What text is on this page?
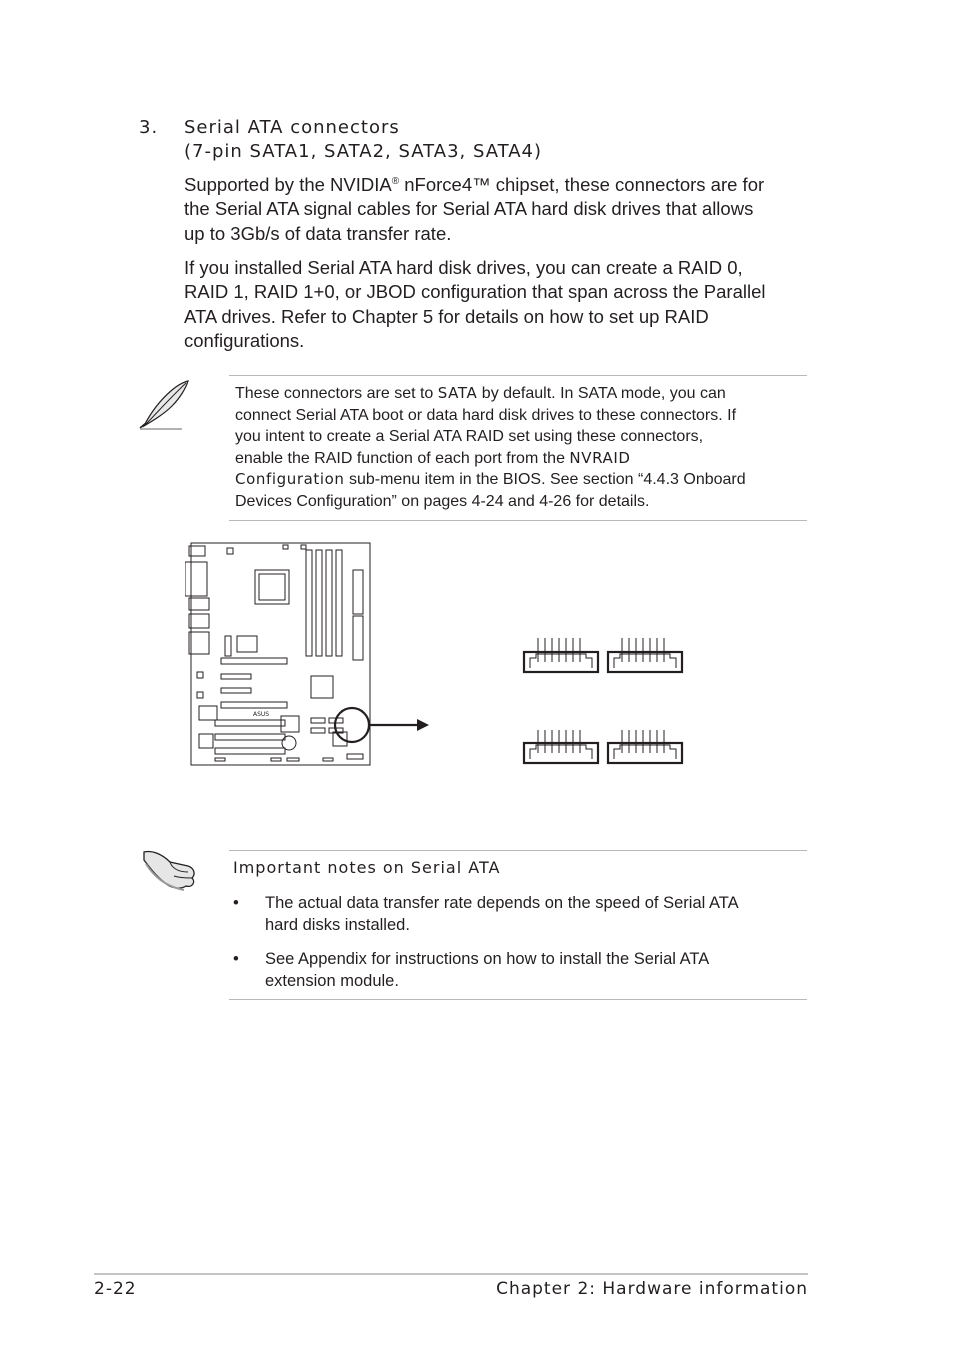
3. Serial ATA connectors
(7-pin SATA1, SATA2, SATA3, SATA4)
Supported by the NVIDIA® nForce4™ chipset, these connectors are for
the Serial ATA signal cables for Serial ATA hard disk drives that allows
up to 3Gb/s of data transfer rate.
If you installed Serial ATA hard disk drives, you can create a RAID 0,
RAID 1, RAID 1+0, or JBOD configuration that span across the Parallel
ATA drives. Refer to Chapter 5 for details on how to set up RAID
configurations.
These connectors are set to SATA by default. In SATA mode, you can
connect Serial ATA boot or data hard disk drives to these connectors. If
you intent to create a Serial ATA RAID set using these connectors,
enable the RAID function of each port from the NVRAID
Configuration sub-menu item in the BIOS. See section “4.4.3 Onboard
Devices Configuration” on pages 4-24 and 4-26 for details.
ASUS
Important notes on Serial ATA
• The actual data transfer rate depends on the speed of Serial ATA
hard disks installed.
• See Appendix for instructions on how to install the Serial ATA
extension module.
2-22	Chapter 2: Hardware information
